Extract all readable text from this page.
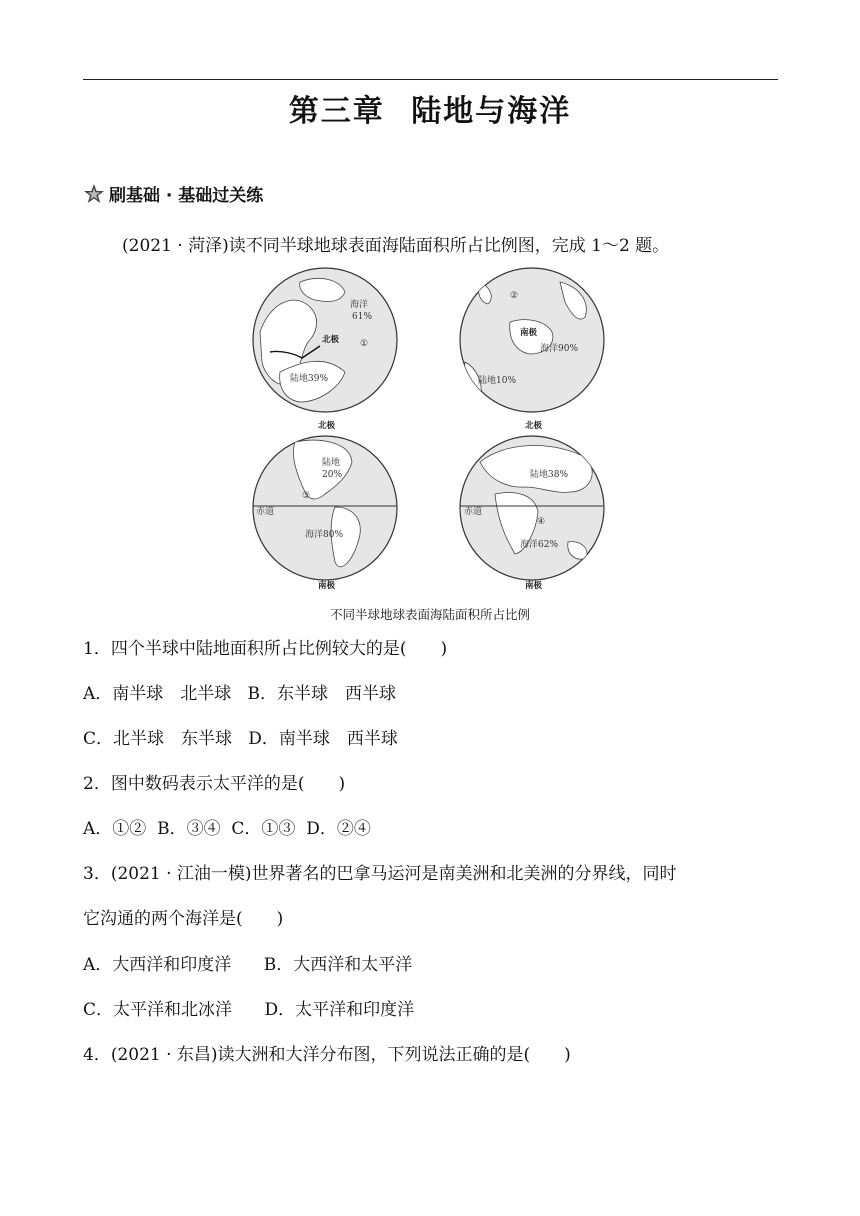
第三章 陆地与海洋
刷基础 · 基础过关练
(2021 · 菏泽)读不同半球地球表面海陆面积所占比例图，完成 1～2 题。
海洋
61%
北极 ①
陆地39%
②
南极
海洋90%
陆地10%
北极
陆地
20%
③
赤道
海洋80%
南极
北极
陆地38%
赤道
④
海洋62%
南极
不同半球地球表面海陆面积所占比例
1．四个半球中陆地面积所占比例较大的是(　　)
A．南半球　北半球 B．东半球　西半球
C．北半球　东半球 D．南半球　西半球
2．图中数码表示太平洋的是(　　)
A．①② B．③④ C．①③ D．②④
3．(2021 · 江油一模)世界著名的巴拿马运河是南美洲和北美洲的分界线，同时
它沟通的两个海洋是(　　)
A．大西洋和印度洋 B．大西洋和太平洋
C．太平洋和北冰洋 D．太平洋和印度洋
4．(2021 · 东昌)读大洲和大洋分布图，下列说法正确的是(　　)
